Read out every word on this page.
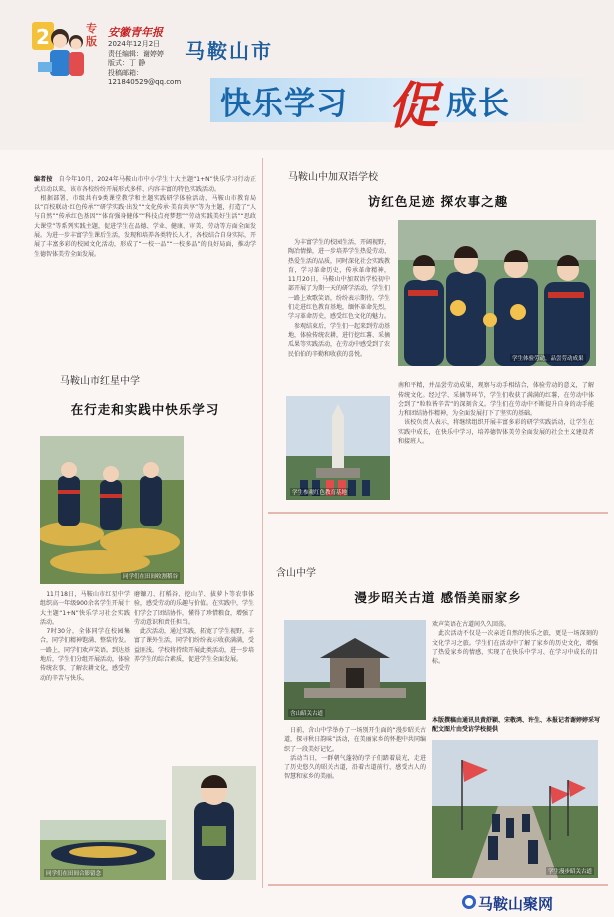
2	专版
安徽青年报
2024年12月2日
责任编辑：谢婷婷
版式：丁 静
投稿邮箱：
121840529@qq.com
马鞍山市
快乐学习 促 成长

编者按　自今年10月，2024年马鞍山市中小学生十大主题“1+N”快乐学习行动正式启动以来，该市各校纷纷开展形式多样、内容丰富的特色实践活动。
　根据部署，市级共有9类课堂教学和主题实践研学体验活动，马鞍山市教育局以“百校联动·红色传承”“研学实践·出发”“文化传承·美育共享”等为主题，打造了“人与自然”“传承红色基因”“体育强身健体”“科技点亮梦想”“劳动实践美好生活”“思政大课堂”等系列实践主题，促进学生在品德、学业、健康、审美、劳动等方面全面发展。为进一步丰富学生课后生活，发现和培养各类特长人才，各校结合自身实际，开展了丰富多彩的校园文化活动，形成了“一校一品”“一校多品”的良好局面，推动学生德智体美劳全面发展。

马鞍山中加双语学校
访红色足迹 探农事之趣
　为丰富学生的校园生活，开阔视野，陶冶情操，进一步培养学生热爱劳动、热爱生活的品质，同时深化社会实践教育，学习革命历史，传承革命精神，11月20日，马鞍山中加双语学校初中部开展了为期一天的研学活动，学生们一路上欢歌笑语，纷纷表示期待。学生们走进红色教育基地，缅怀革命先烈，学习革命历史，感受红色文化的魅力。
　参观结束后，学生们一起来到劳动基地，体验传统农耕，进行挖红薯、采摘瓜果等实践活动，在劳动中感受到了农民伯伯的辛勤和收获的喜悦。
学生体验劳动，品尝劳动成果
学生参观红色教育基地

南和平精，并品尝劳动成果，观察与动手相结合，体验劳动的意义，了解传统文化。经过学、采摘等环节，学生们收获了满满的红薯，在劳动中体会到了“粒粒皆辛苦”的深刻含义。学生们在劳动中不断提升自身的动手能力和团结协作精神，为全面发展打下了坚实的基础。
　该校负责人表示，将继续组织开展丰富多彩的研学实践活动，让学生在实践中成长，在快乐中学习，培养德智体美劳全面发展的社会主义建设者和接班人。

马鞍山市红星中学
在行走和实践中快乐学习
同学们在田间收割稻谷
　11月18日，马鞍山市红星中学组织高一年级900余名学生开展十大主题“1+N”快乐学习社会实践活动。
　7时30分，全体同学在校园集合，同学们精神饱满、整装待发。一路上，同学们欢声笑语。到达基地后，学生们分组开展活动，体验传统农事，了解农耕文化，感受劳动的辛苦与快乐。
磨镰刀、打稻谷、挖山芋、拔萝卜等农事体验，感受劳动的乐趣与价值。在实践中，学生们学会了团结协作，懂得了珍惜粮食，增强了劳动意识和责任担当。
　此次活动，通过实践，拓宽了学生视野，丰富了课外生活，同学们纷纷表示收获满满，受益匪浅。学校将持续开展此类活动，进一步培养学生的综合素质，促进学生全面发展。
同学们在田间合影留念
含山中学
漫步昭关古道 感悟美丽家乡
含山昭关古道
欢声笑语在古道间久久回荡。
　此次活动不仅是一次亲近自然的快乐之旅，更是一场深刻的文化学习之旅。学生们在活动中了解了家乡的历史文化，增强了热爱家乡的情感，实现了在快乐中学习、在学习中成长的目标。
本版撰稿由通讯员黄舒颖、宋敬鸿、许生、本报记者谢婷婷采写
配文图片由受访学校提供
　日前，含山中学举办了一场别开生面的“漫步昭关古道，探寻秋日韵味”活动，在美丽家乡的怀抱中共同编织了一段美好记忆。
　活动当日，一群朝气蓬勃的学子们踏着晨光，走进了历史悠久的昭关古道，沿着古道前行，感受古人的智慧和家乡的美丽。
学生漫步昭关古道
马鞍山聚网
